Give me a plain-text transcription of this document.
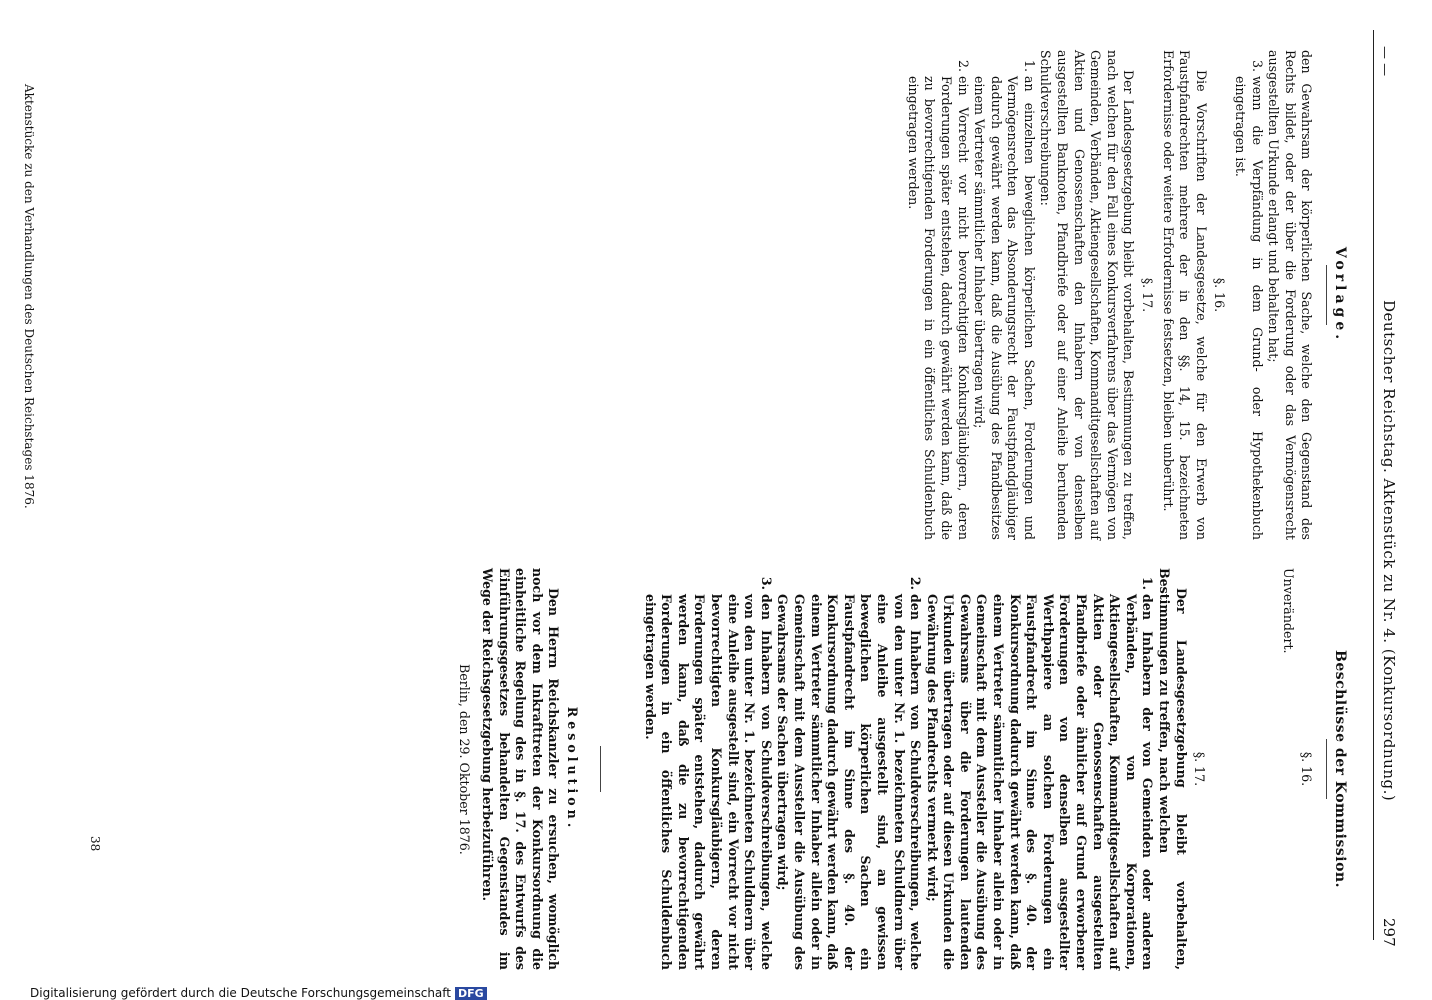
— —
Deutscher Reichstag. Aktenstück zu Nr. 4. (Konkursordnung.)
297
Vorlage.

den Gewahrsam der körperlichen Sache, welche den Gegenstand des Rechts bildet, oder der über die Forderung oder das Vermögensrecht ausgestellten Urkunde erlangt und behalten hat;

3.
wenn die Verpfändung in dem Grund- oder Hypothekenbuch eingetragen ist.
§. 16.

Die Vorschriften der Landesgesetze, welche für den Erwerb von Faustpfandrechten mehrere der in den §§. 14, 15. bezeichneten Erfordernisse oder weitere Erfordernisse festsetzen, bleiben unberührt.

§. 17.

Der Landesgesetzgebung bleibt vorbehalten, Bestimmungen zu treffen, nach welchen für den Fall eines Konkursverfahrens über das Vermögen von Gemeinden, Verbänden, Aktiengesellschaften, Kommanditgesellschaften auf Aktien und Genossenschaften den Inhabern der von denselben ausgestellten Banknoten, Pfandbriefe oder auf einer Anleihe beruhenden Schuldverschreibungen:

1.
an einzelnen beweglichen körperlichen Sachen, Forderungen und Vermögensrechten das Absonderungsrecht der Faustpfandgläubiger dadurch gewährt werden kann, daß die Ausübung des Pfandbesitzes einem Vertreter sämmtlicher Inhaber übertragen wird;
2.
ein Vorrecht vor nicht bevorrechtigten Konkursgläubigern, deren Forderungen später entstehen, dadurch gewährt werden kann, daß die zu bevorrechtigenden Forderungen in ein öffentliches Schuldenbuch eingetragen werden.
Beschlüsse der Kommission.
§. 16.

Unverändert.

§. 17.

Der Landesgesetzgebung bleibt vorbehalten, Bestimmungen zu treffen, nach welchen

1.
den Inhabern der von Gemeinden oder anderen Verbänden, von Korporationen, Aktiengesellschaften, Kommanditgesellschaften auf Aktien oder Genossenschaften ausgestellten Pfandbriefe oder ähnlicher auf Grund erworbener Forderungen von denselben ausgestellter Werthpapiere an solchen Forderungen ein Faustpfandrecht im Sinne des §. 40. der Konkursordnung dadurch gewährt werden kann, daß einem Vertreter sämmtlicher Inhaber allein oder in Gemeinschaft mit dem Aussteller die Ausübung des Gewahrsams über die Forderungen lautenden Urkunden übertragen oder auf diesen Urkunden die Gewährung des Pfandrechts vermerkt wird;
2.
den Inhabern von Schuldverschreibungen, welche von den unter Nr. 1. bezeichneten Schuldnern über eine Anleihe ausgestellt sind, an gewissen beweglichen körperlichen Sachen ein Faustpfandrecht im Sinne des §. 40. der Konkursordnung dadurch gewährt werden kann, daß einem Vertreter sämmtlicher Inhaber allein oder in Gemeinschaft mit dem Aussteller die Ausübung des Gewahrsams der Sachen übertragen wird;
3.
den Inhabern von Schuldverschreibungen, welche von den unter Nr. 1. bezeichneten Schuldnern über eine Anleihe ausgestellt sind, ein Vorrecht vor nicht bevorrechtigten Konkursgläubigern, deren Forderungen später entstehen, dadurch gewährt werden kann, daß die zu bevorrechtigenden Forderungen in ein öffentliches Schuldenbuch eingetragen werden.
Resolution.

Den Herrn Reichskanzler zu ersuchen, womöglich noch vor dem Inkrafttreten der Konkursordnung die einheitliche Regelung des in §. 17. des Entwurfs des Einführungsgesetzes behandelten Gegenstandes im Wege der Reichsgesetzgebung herbeizuführen.

Berlin, den 29. Oktober 1876.
38
Aktenstücke zu den Verhandlungen des Deutschen Reichstages 1876.
Digitalisierung gefördert durch die Deutsche Forschungsgemeinschaft DFG
